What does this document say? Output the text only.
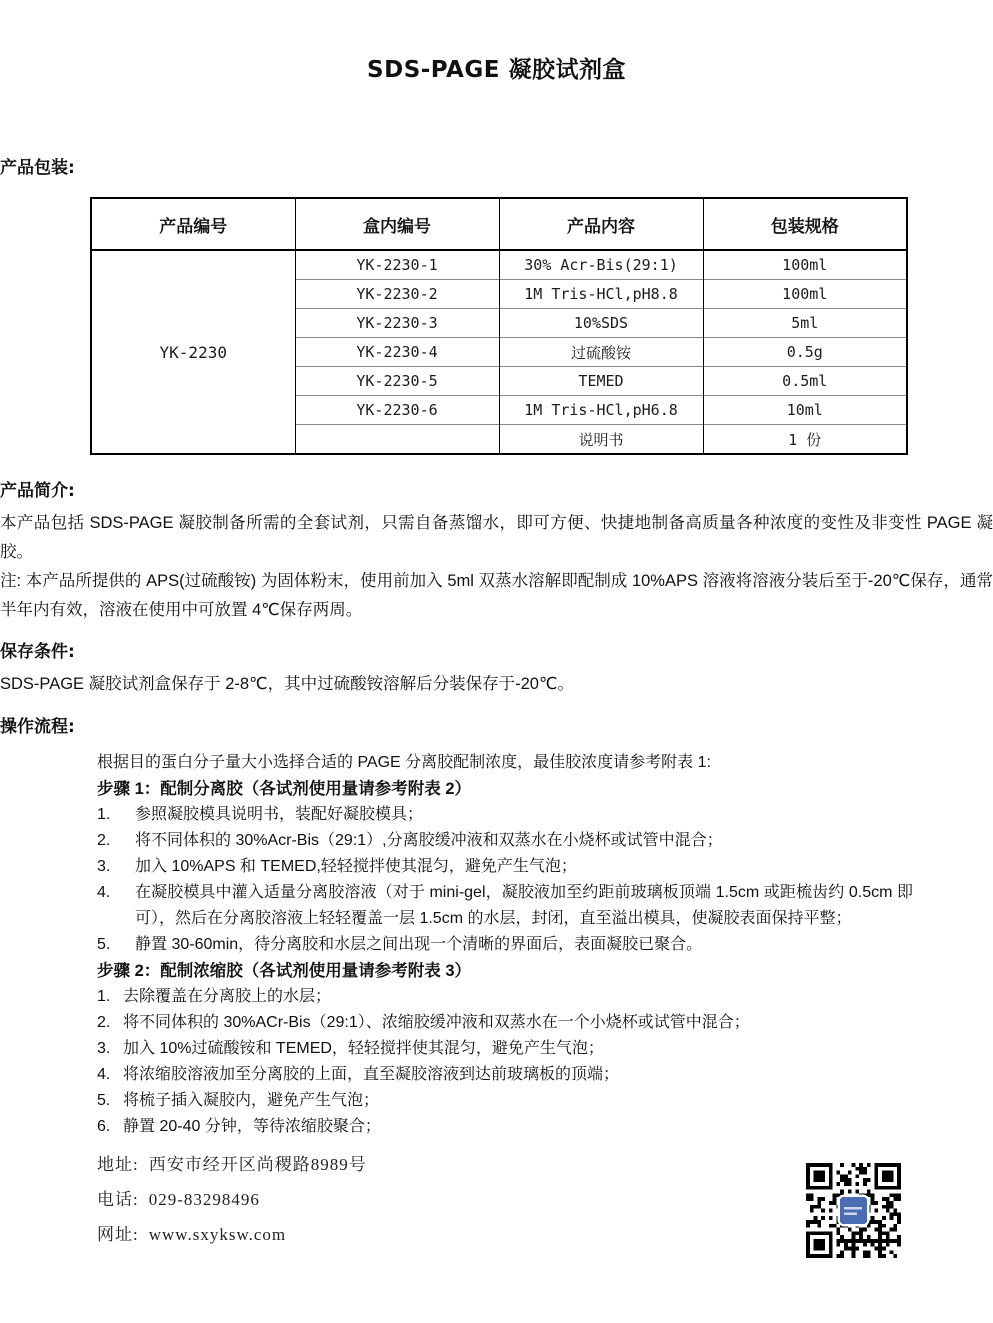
SDS-PAGE 凝胶试剂盒
产品包装:
产品编号	盒内编号	产品内容	包装规格
YK-2230	YK-2230-1	30% Acr-Bis(29:1)	100ml
	YK-2230-2	1M Tris-HCl,pH8.8	100ml
	YK-2230-3	10%SDS	5ml
	YK-2230-4	过硫酸铵	0.5g
	YK-2230-5	TEMED	0.5ml
	YK-2230-6	1M Tris-HCl,pH6.8	10ml
		说明书	1 份
产品简介:

本产品包括 SDS-PAGE 凝胶制备所需的全套试剂，只需自备蒸馏水，即可方便、快捷地制备高质量各种浓度的变性及非变性 PAGE 凝胶。

注: 本产品所提供的 APS(过硫酸铵) 为固体粉末，使用前加入 5ml 双蒸水溶解即配制成 10%APS 溶液将溶液分装后至于-20℃保存，通常半年内有效，溶液在使用中可放置 4℃保存两周。

保存条件:

SDS-PAGE 凝胶试剂盒保存于 2-8℃，其中过硫酸铵溶解后分装保存于-20℃。

操作流程:
根据目的蛋白分子量大小选择合适的 PAGE 分离胶配制浓度，最佳胶浓度请参考附表 1:
步骤 1：配制分离胶（各试剂使用量请参考附表 2）
1.	参照凝胶模具说明书，装配好凝胶模具；
2.	将不同体积的 30%Acr-Bis（29:1）,分离胶缓冲液和双蒸水在小烧杯或试管中混合；
3.	加入 10%APS 和 TEMED,轻轻搅拌使其混匀，避免产生气泡；
4.	在凝胶模具中灌入适量分离胶溶液（对于 mini-gel，凝胶液加至约距前玻璃板顶端 1.5cm 或距梳齿约 0.5cm 即可），然后在分离胶溶液上轻轻覆盖一层 1.5cm 的水层，封闭，直至溢出模具，使凝胶表面保持平整；
5.	静置 30-60min，待分离胶和水层之间出现一个清晰的界面后，表面凝胶已聚合。
步骤 2：配制浓缩胶（各试剂使用量请参考附表 3）
1. 去除覆盖在分离胶上的水层；
2. 将不同体积的 30%ACr-Bis（29:1）、浓缩胶缓冲液和双蒸水在一个小烧杯或试管中混合；
3. 加入 10%过硫酸铵和 TEMED，轻轻搅拌使其混匀，避免产生气泡；
4. 将浓缩胶溶液加至分离胶的上面，直至凝胶溶液到达前玻璃板的顶端；
5. 将梳子插入凝胶内，避免产生气泡；
6. 静置 20-40 分钟，等待浓缩胶聚合；
地址: 西安市经开区尚稷路8989号
电话: 029-83298496
网址: www.sxyksw.com
